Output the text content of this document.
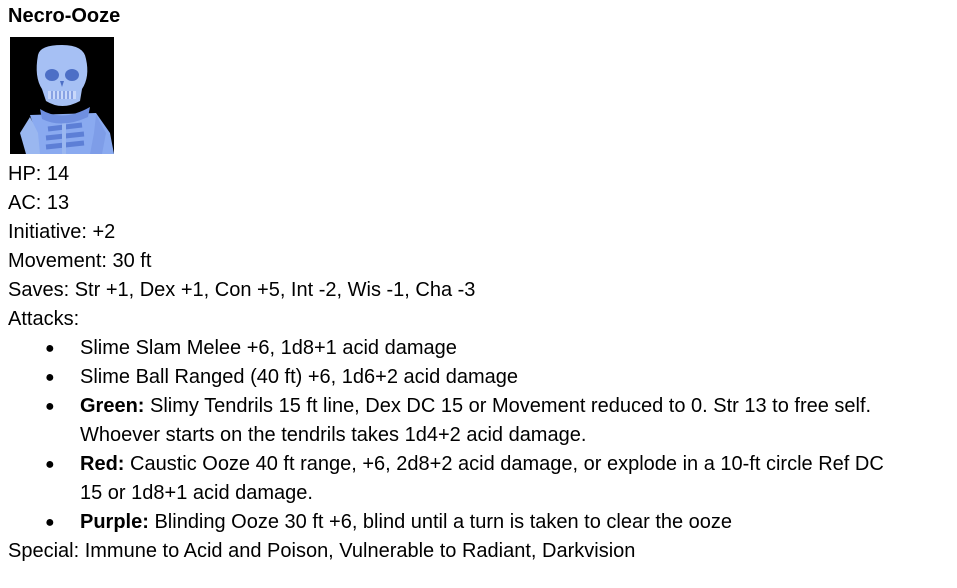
Necro-Ooze
HP: 14
AC: 13
Initiative: +2
Movement: 30 ft
Saves: Str +1, Dex +1, Con +5, Int -2, Wis -1, Cha -3
Attacks:
● Slime Slam Melee +6, 1d8+1 acid damage
● Slime Ball Ranged (40 ft) +6, 1d6+2 acid damage
● Green: Slimy Tendrils 15 ft line, Dex DC 15 or Movement reduced to 0. Str 13 to free self. Whoever starts on the tendrils takes 1d4+2 acid damage.
● Red: Caustic Ooze 40 ft range, +6, 2d8+2 acid damage, or explode in a 10-ft circle Ref DC 15 or 1d8+1 acid damage.
● Purple: Blinding Ooze 30 ft +6, blind until a turn is taken to clear the ooze
Special: Immune to Acid and Poison, Vulnerable to Radiant, Darkvision
